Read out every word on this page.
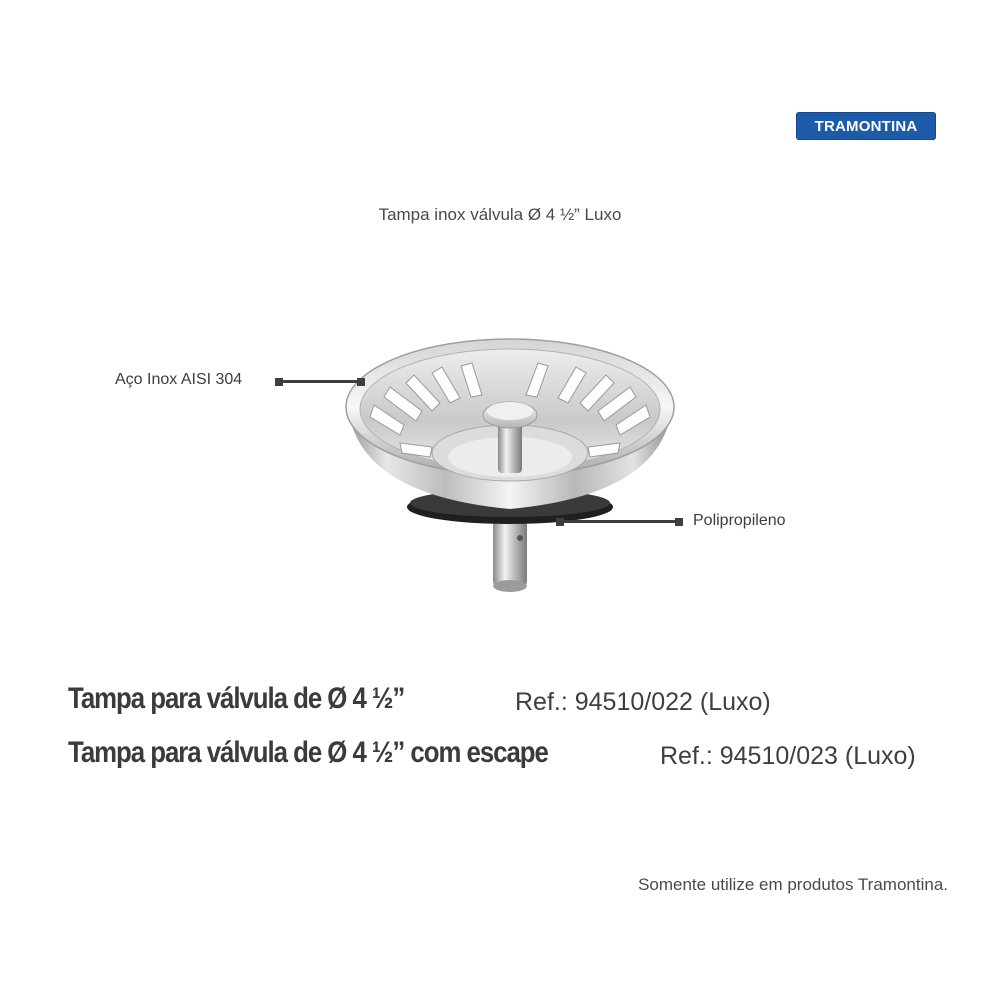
TRAMONTINA
Tampa inox válvula Ø 4 ½” Luxo
Aço Inox AISI 304
Polipropileno
Tampa para válvula de Ø 4 ½”	Ref.: 94510/022 (Luxo)
Tampa para válvula de Ø 4 ½” com escape	Ref.: 94510/023 (Luxo)
Somente utilize em produtos Tramontina.
